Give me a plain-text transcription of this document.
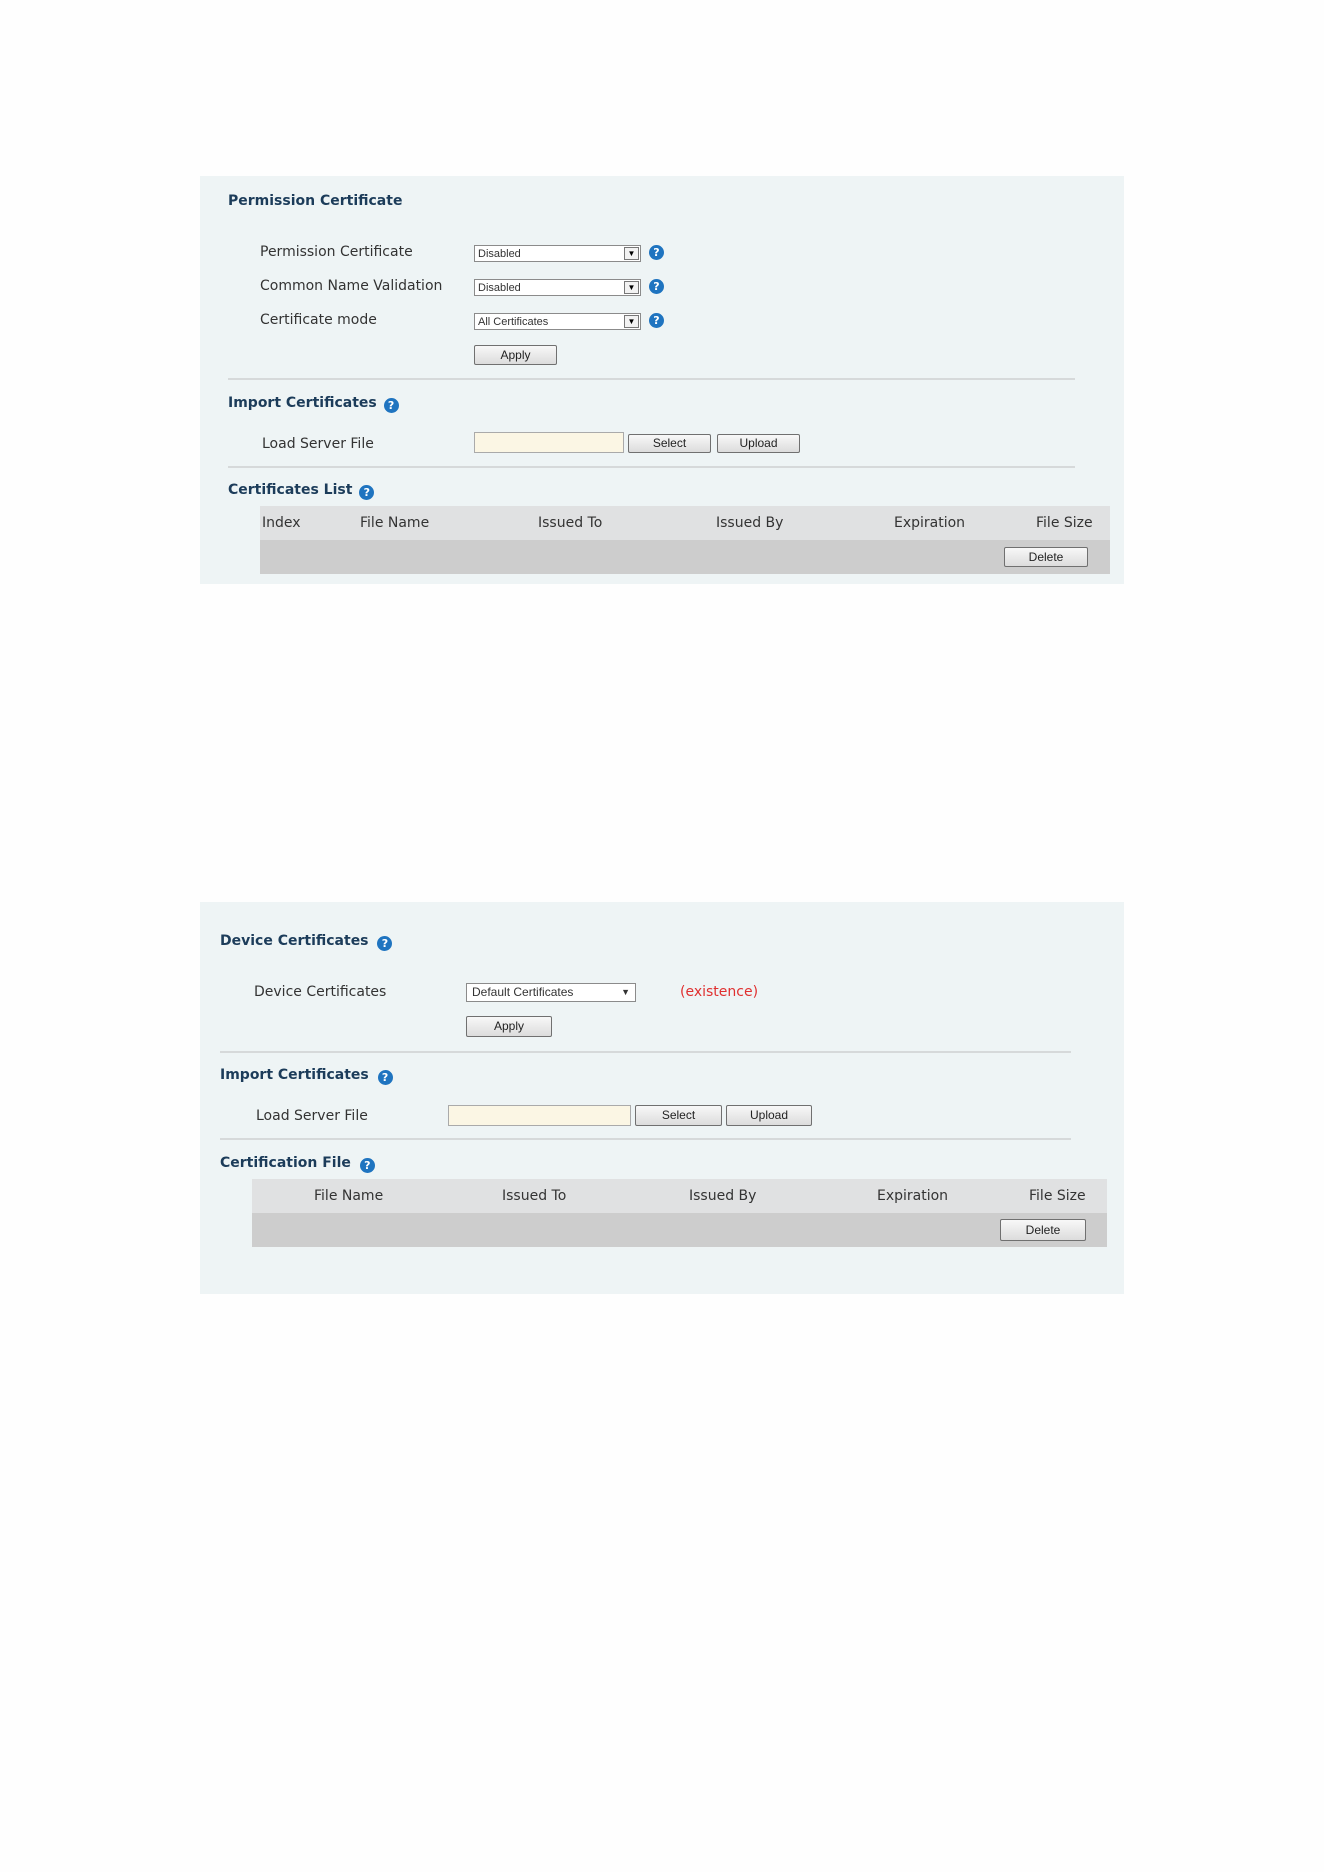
Permission Certificate
Permission Certificate	Disabled	▼	?
Common Name Validation	Disabled	▼	?
Certificate mode	All Certificates	▼	?
Apply
Import Certificates ?
Load Server File	Select	Upload
Certificates List ?
Index	File Name	Issued To	Issued By	Expiration	File Size
Delete
Device Certificates ?
Device Certificates	Default Certificates	▼	(existence)
Apply
Import Certificates ?
Load Server File	Select	Upload
Certification File ?
File Name	Issued To	Issued By	Expiration	File Size
Delete
